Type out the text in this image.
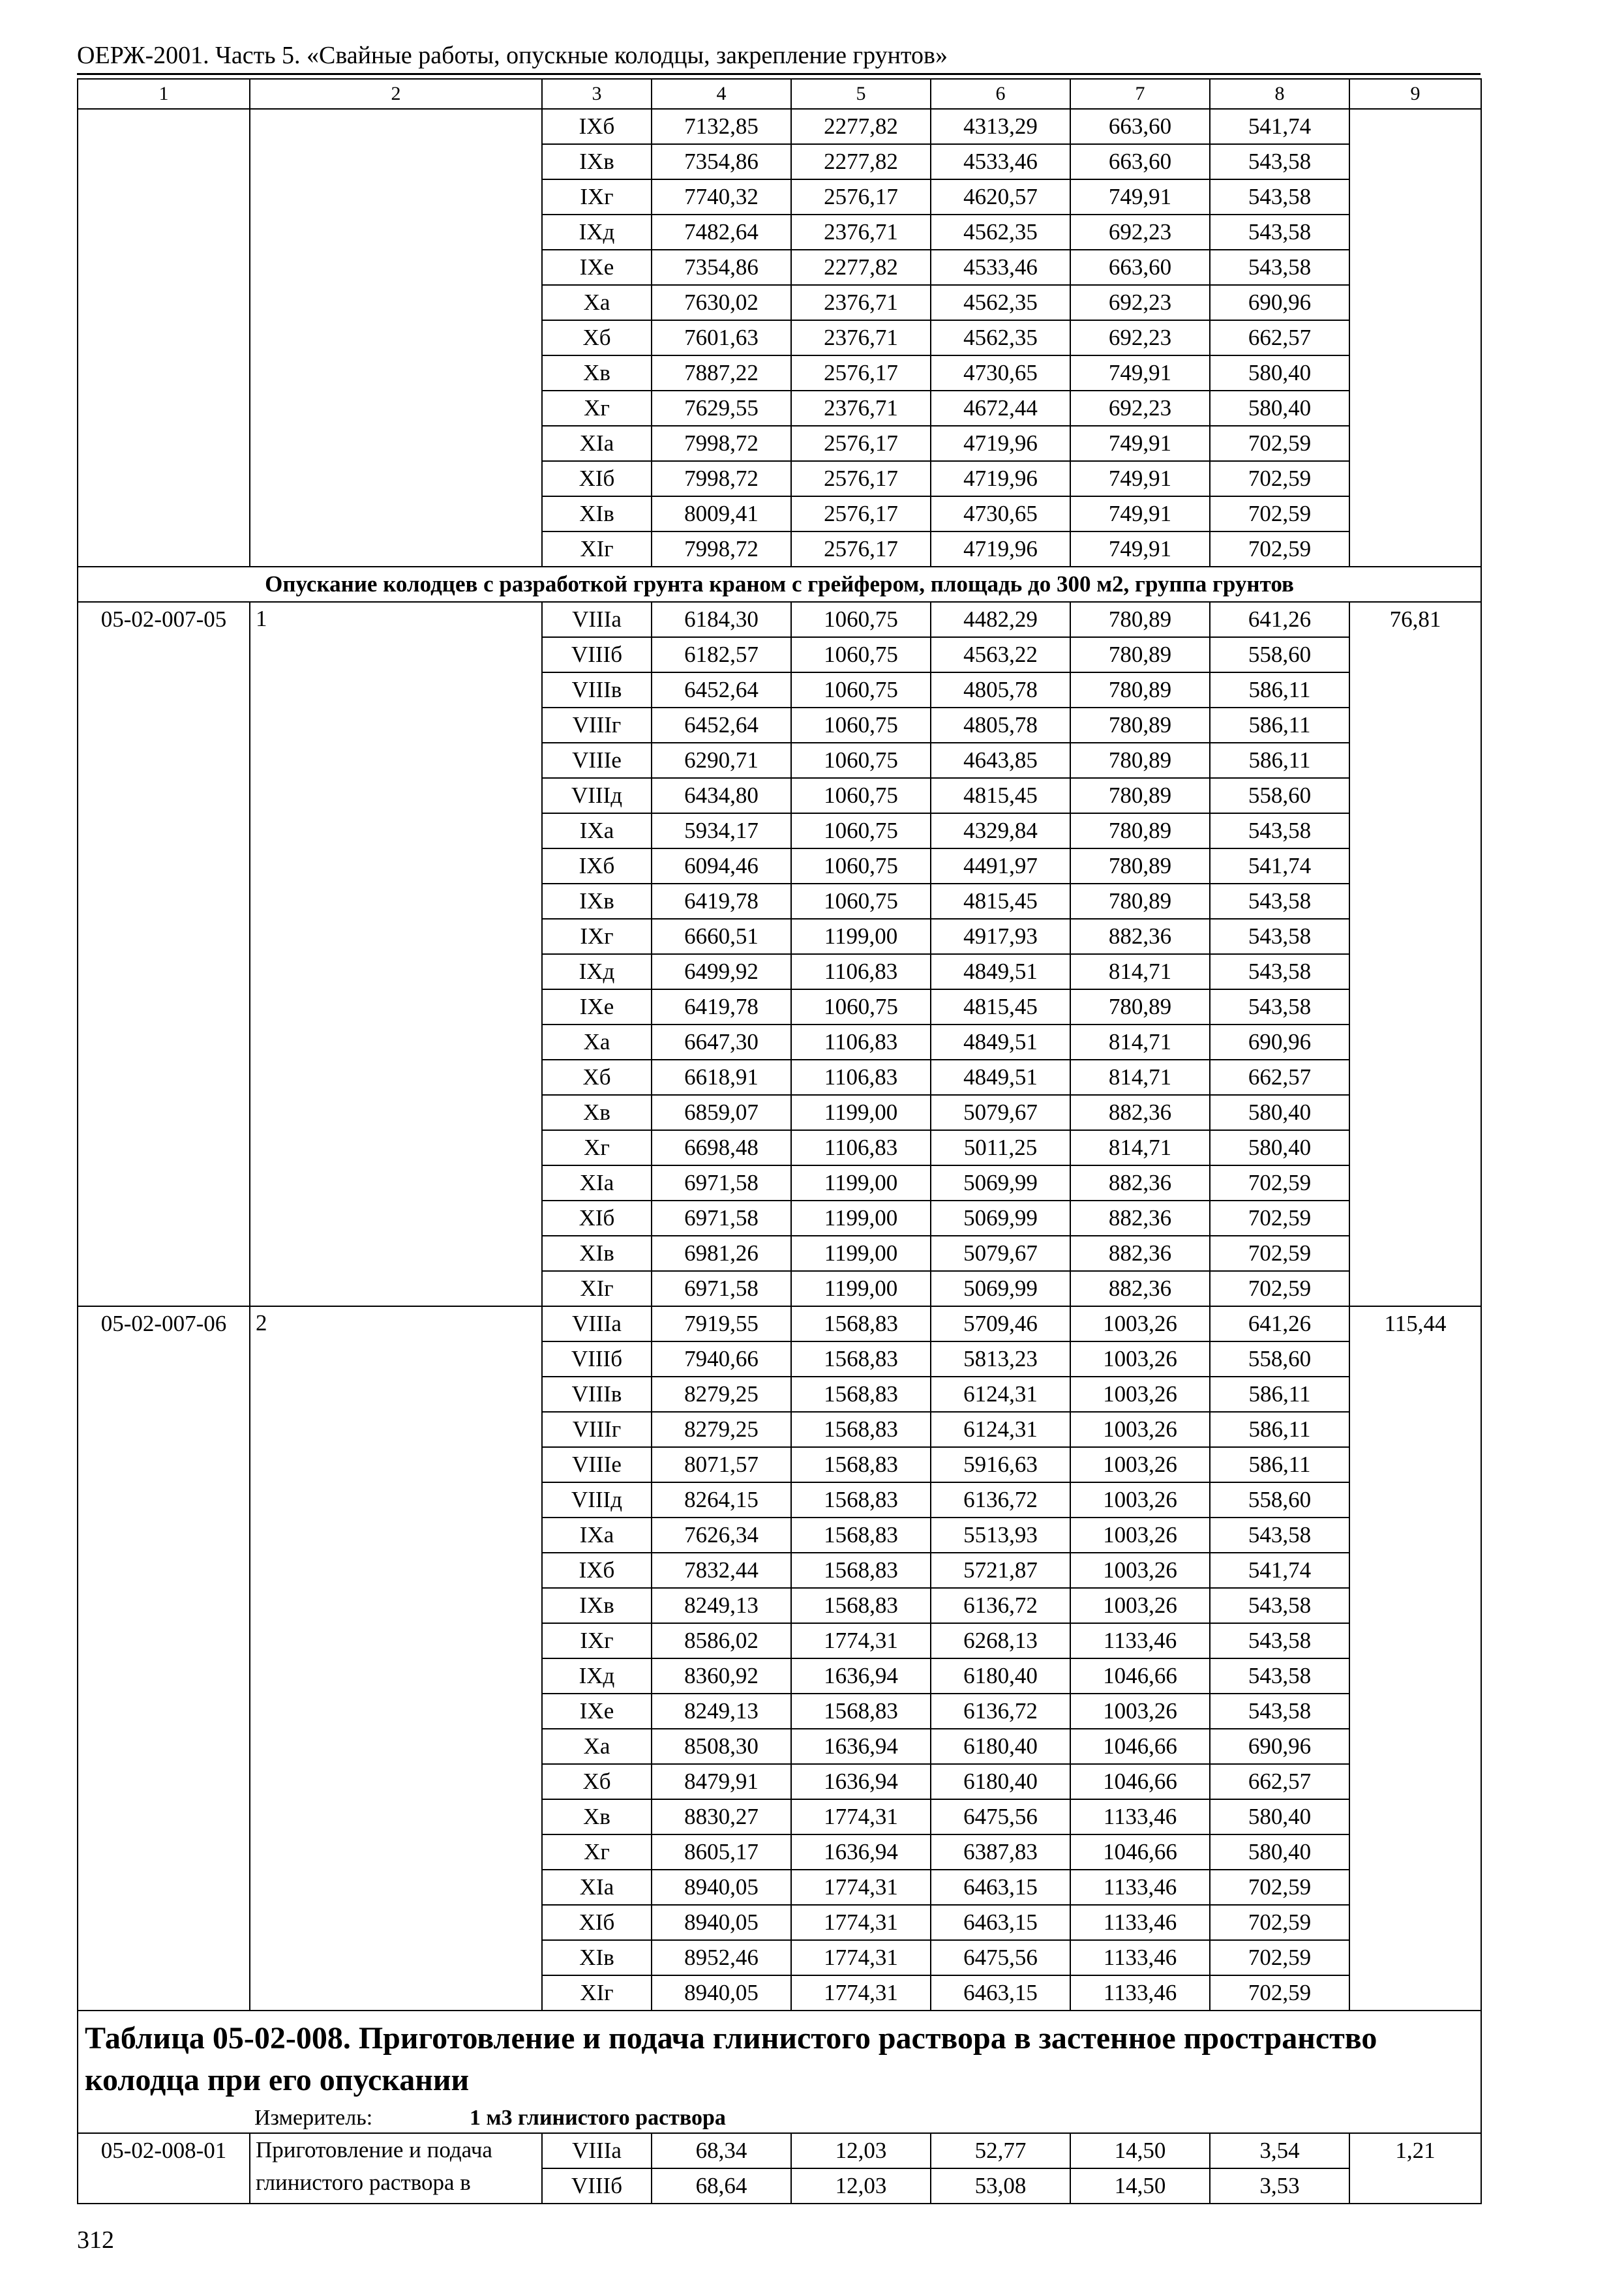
ОЕРЖ-2001. Часть 5. «Свайные работы, опускные колодцы, закрепление грунтов»
1	2	3	4	5	6	7	8	9
		IXб	7132,85	2277,82	4313,29	663,60	541,74	
		IXв	7354,86	2277,82	4533,46	663,60	543,58	
		IXг	7740,32	2576,17	4620,57	749,91	543,58	
		IXд	7482,64	2376,71	4562,35	692,23	543,58	
		IXе	7354,86	2277,82	4533,46	663,60	543,58	
		Xа	7630,02	2376,71	4562,35	692,23	690,96	
		Xб	7601,63	2376,71	4562,35	692,23	662,57	
		Xв	7887,22	2576,17	4730,65	749,91	580,40	
		Xг	7629,55	2376,71	4672,44	692,23	580,40	
		XIа	7998,72	2576,17	4719,96	749,91	702,59	
		XIб	7998,72	2576,17	4719,96	749,91	702,59	
		XIв	8009,41	2576,17	4730,65	749,91	702,59	
		XIг	7998,72	2576,17	4719,96	749,91	702,59	
Опускание колодцев с разработкой грунта краном с грейфером, площадь до 300 м2, группа грунтов								
05-02-007-05	1	VIIIа	6184,30	1060,75	4482,29	780,89	641,26	76,81
		VIIIб	6182,57	1060,75	4563,22	780,89	558,60	
		VIIIв	6452,64	1060,75	4805,78	780,89	586,11	
		VIIIг	6452,64	1060,75	4805,78	780,89	586,11	
		VIIIе	6290,71	1060,75	4643,85	780,89	586,11	
		VIIIд	6434,80	1060,75	4815,45	780,89	558,60	
		IXа	5934,17	1060,75	4329,84	780,89	543,58	
		IXб	6094,46	1060,75	4491,97	780,89	541,74	
		IXв	6419,78	1060,75	4815,45	780,89	543,58	
		IXг	6660,51	1199,00	4917,93	882,36	543,58	
		IXд	6499,92	1106,83	4849,51	814,71	543,58	
		IXе	6419,78	1060,75	4815,45	780,89	543,58	
		Xа	6647,30	1106,83	4849,51	814,71	690,96	
		Xб	6618,91	1106,83	4849,51	814,71	662,57	
		Xв	6859,07	1199,00	5079,67	882,36	580,40	
		Xг	6698,48	1106,83	5011,25	814,71	580,40	
		XIа	6971,58	1199,00	5069,99	882,36	702,59	
		XIб	6971,58	1199,00	5069,99	882,36	702,59	
		XIв	6981,26	1199,00	5079,67	882,36	702,59	
		XIг	6971,58	1199,00	5069,99	882,36	702,59	
05-02-007-06	2	VIIIа	7919,55	1568,83	5709,46	1003,26	641,26	115,44
		VIIIб	7940,66	1568,83	5813,23	1003,26	558,60	
		VIIIв	8279,25	1568,83	6124,31	1003,26	586,11	
		VIIIг	8279,25	1568,83	6124,31	1003,26	586,11	
		VIIIе	8071,57	1568,83	5916,63	1003,26	586,11	
		VIIIд	8264,15	1568,83	6136,72	1003,26	558,60	
		IXа	7626,34	1568,83	5513,93	1003,26	543,58	
		IXб	7832,44	1568,83	5721,87	1003,26	541,74	
		IXв	8249,13	1568,83	6136,72	1003,26	543,58	
		IXг	8586,02	1774,31	6268,13	1133,46	543,58	
		IXд	8360,92	1636,94	6180,40	1046,66	543,58	
		IXе	8249,13	1568,83	6136,72	1003,26	543,58	
		Xа	8508,30	1636,94	6180,40	1046,66	690,96	
		Xб	8479,91	1636,94	6180,40	1046,66	662,57	
		Xв	8830,27	1774,31	6475,56	1133,46	580,40	
		Xг	8605,17	1636,94	6387,83	1046,66	580,40	
		XIа	8940,05	1774,31	6463,15	1133,46	702,59	
		XIб	8940,05	1774,31	6463,15	1133,46	702,59	
		XIв	8952,46	1774,31	6475,56	1133,46	702,59	
		XIг	8940,05	1774,31	6463,15	1133,46	702,59	
Таблица 05-02-008. Приготовление и подача глинистого раствора в застенное пространство колодца при его опускании								
Измеритель: 1 м3 глинистого раствора								
05-02-008-01	Приготовление и подача глинистого раствора в	VIIIа	68,34	12,03	52,77	14,50	3,54	1,21
		VIIIб	68,64	12,03	53,08	14,50	3,53	
312
